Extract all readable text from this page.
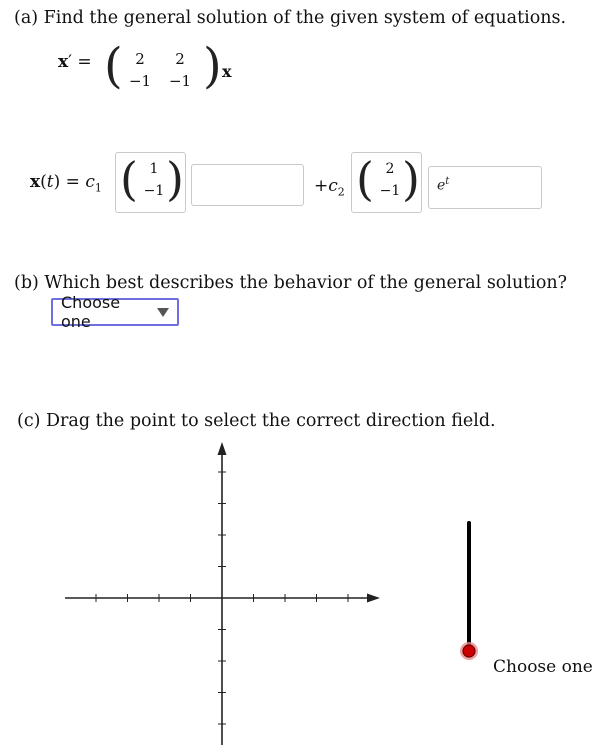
(a) Find the general solution of the given system of equations.
x′ = ( 2	2
−1 −1 ) x
$x(t) = c_1$ ( 1
−1 )	$+c_2$ ( 2
−1 )	$e^t$
(b) Which best describes the behavior of the general solution?
Choose one
(c) Drag the point to select the correct direction field.
Choose one
